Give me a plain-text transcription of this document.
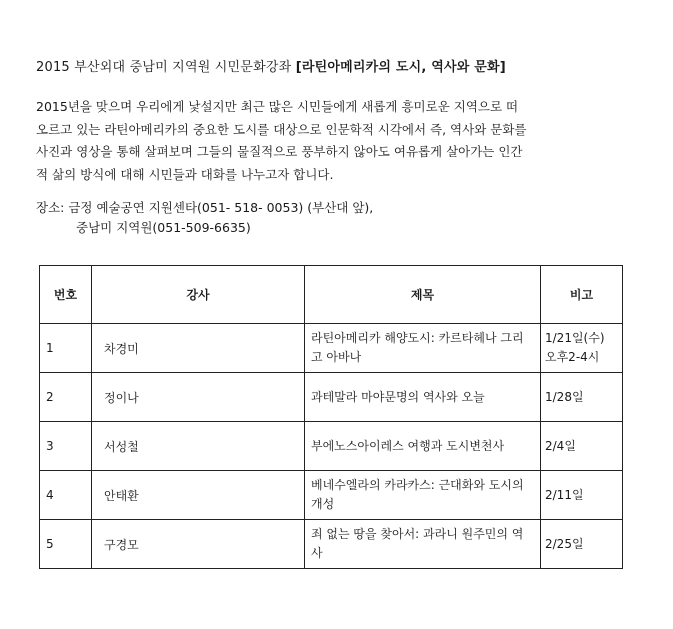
2015 부산외대 중남미 지역원 시민문화강좌 [라틴아메리카의 도시, 역사와 문화]
2015년을 맞으며 우리에게 낯설지만 최근 많은 시민들에게 새롭게 흥미로운 지역으로 떠
오르고 있는 라틴아메리카의 중요한 도시를 대상으로 인문학적 시각에서 즉, 역사와 문화를
사진과 영상을 통해 살펴보며 그들의 물질적으로 풍부하지 않아도 여유롭게 살아가는 인간
적 삶의 방식에 대해 시민들과 대화를 나누고자 합니다.
장소: 금정 예술공연 지원센타(051- 518- 0053) (부산대 앞),
중남미 지역원(051-509-6635)
번호	강사	제목	비고
1	차경미	라틴아메리카 해양도시: 카르타헤나 그리고 아바나	1/21일(수) 오후2-4시
2	정이나	과테말라 마야문명의 역사와 오늘	1/28일
3	서성철	부에노스아이레스 여행과 도시변천사	2/4일
4	안태환	베네수엘라의 카라카스: 근대화와 도시의 개성	2/11일
5	구경모	죄 없는 땅을 찾아서: 과라니 원주민의 역사	2/25일
